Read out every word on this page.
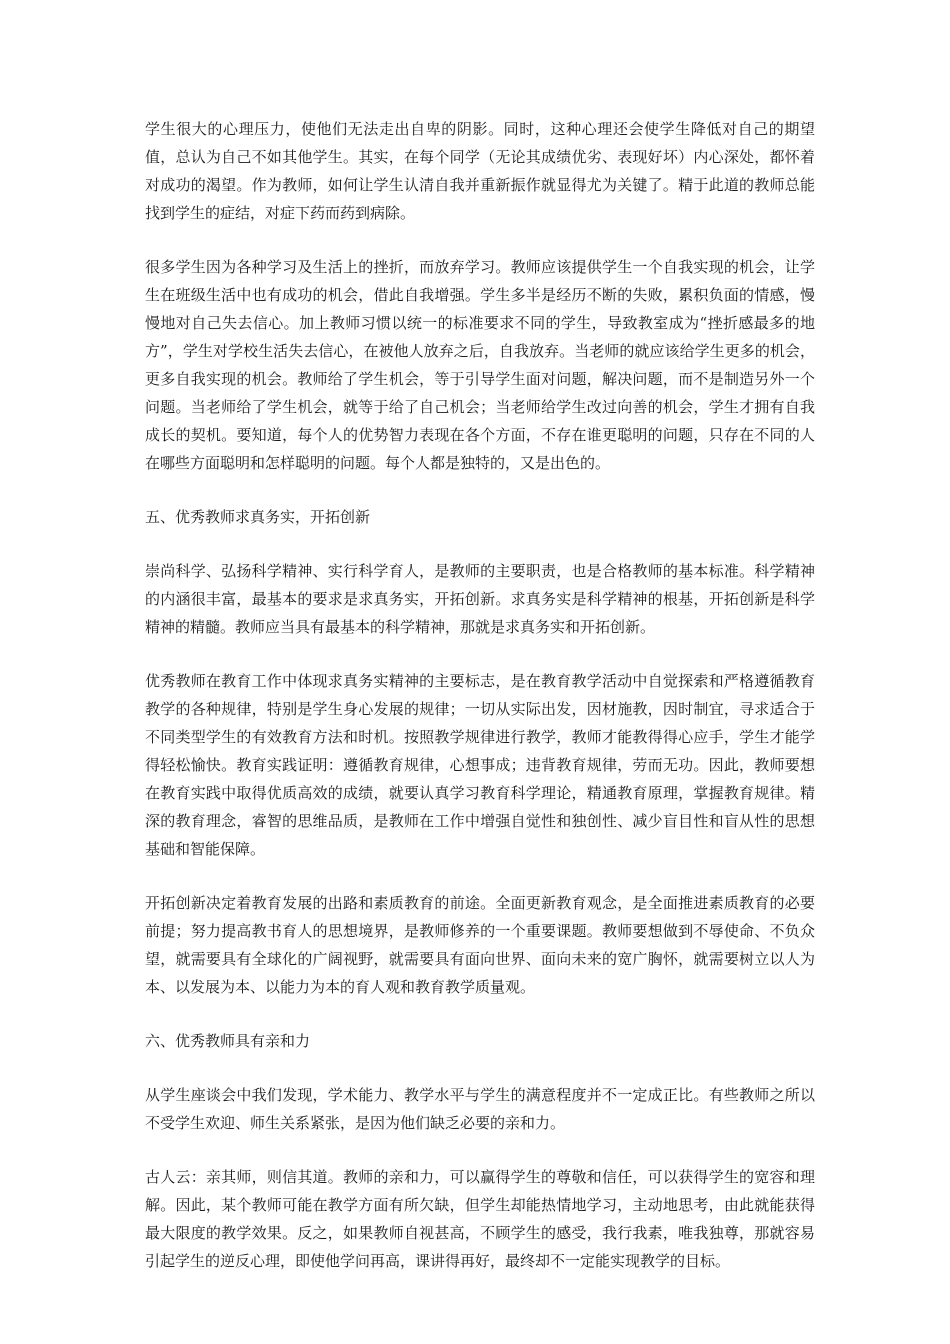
学生很大的心理压力，使他们无法走出自卑的阴影。同时，这种心理还会使学生降低对自己的期望值，总认为自己不如其他学生。其实，在每个同学（无论其成绩优劣、表现好坏）内心深处，都怀着对成功的渴望。作为教师，如何让学生认清自我并重新振作就显得尤为关键了。精于此道的教师总能找到学生的症结，对症下药而药到病除。

很多学生因为各种学习及生活上的挫折，而放弃学习。教师应该提供学生一个自我实现的机会，让学生在班级生活中也有成功的机会，借此自我增强。学生多半是经历不断的失败，累积负面的情感，慢慢地对自己失去信心。加上教师习惯以统一的标准要求不同的学生，导致教室成为“挫折感最多的地方”，学生对学校生活失去信心，在被他人放弃之后，自我放弃。当老师的就应该给学生更多的机会，更多自我实现的机会。教师给了学生机会，等于引导学生面对问题，解决问题，而不是制造另外一个问题。当老师给了学生机会，就等于给了自己机会；当老师给学生改过向善的机会，学生才拥有自我成长的契机。要知道，每个人的优势智力表现在各个方面，不存在谁更聪明的问题，只存在不同的人在哪些方面聪明和怎样聪明的问题。每个人都是独特的，又是出色的。

五、优秀教师求真务实，开拓创新

崇尚科学、弘扬科学精神、实行科学育人，是教师的主要职责，也是合格教师的基本标准。科学精神的内涵很丰富，最基本的要求是求真务实，开拓创新。求真务实是科学精神的根基，开拓创新是科学精神的精髓。教师应当具有最基本的科学精神，那就是求真务实和开拓创新。

优秀教师在教育工作中体现求真务实精神的主要标志，是在教育教学活动中自觉探索和严格遵循教育教学的各种规律，特别是学生身心发展的规律；一切从实际出发，因材施教，因时制宜，寻求适合于不同类型学生的有效教育方法和时机。按照教学规律进行教学，教师才能教得得心应手，学生才能学得轻松愉快。教育实践证明：遵循教育规律，心想事成；违背教育规律，劳而无功。因此，教师要想在教育实践中取得优质高效的成绩，就要认真学习教育科学理论，精通教育原理，掌握教育规律。精深的教育理念，睿智的思维品质，是教师在工作中增强自觉性和独创性、减少盲目性和盲从性的思想基础和智能保障。

开拓创新决定着教育发展的出路和素质教育的前途。全面更新教育观念，是全面推进素质教育的必要前提；努力提高教书育人的思想境界，是教师修养的一个重要课题。教师要想做到不辱使命、不负众望，就需要具有全球化的广阔视野，就需要具有面向世界、面向未来的宽广胸怀，就需要树立以人为本、以发展为本、以能力为本的育人观和教育教学质量观。

六、优秀教师具有亲和力

从学生座谈会中我们发现，学术能力、教学水平与学生的满意程度并不一定成正比。有些教师之所以不受学生欢迎、师生关系紧张，是因为他们缺乏必要的亲和力。

古人云：亲其师，则信其道。教师的亲和力，可以赢得学生的尊敬和信任，可以获得学生的宽容和理解。因此，某个教师可能在教学方面有所欠缺，但学生却能热情地学习，主动地思考，由此就能获得最大限度的教学效果。反之，如果教师自视甚高，不顾学生的感受，我行我素，唯我独尊，那就容易引起学生的逆反心理，即使他学问再高，课讲得再好，最终却不一定能实现教学的目标。
